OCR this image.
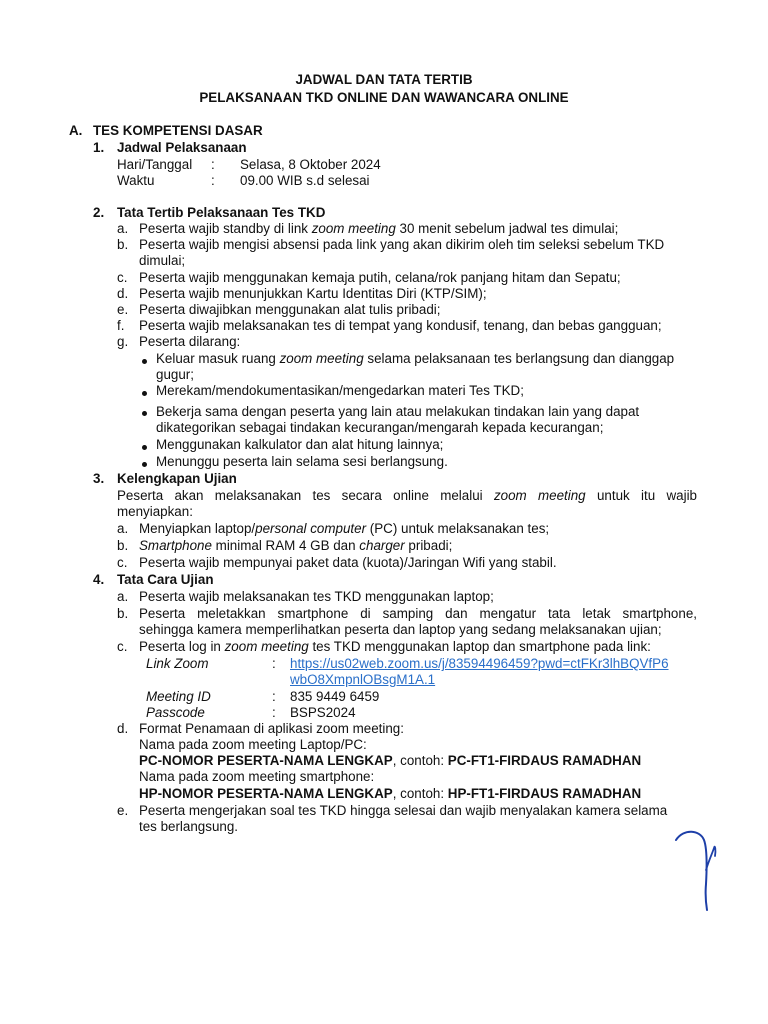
JADWAL DAN TATA TERTIB
PELAKSANAAN TKD ONLINE DAN WAWANCARA ONLINE
A. TES KOMPETENSI DASAR
1. Jadwal Pelaksanaan
Hari/Tanggal : Selasa, 8 Oktober 2024
Waktu	: 09.00 WIB s.d selesai
2. Tata Tertib Pelaksanaan Tes TKD
a. Peserta wajib standby di link zoom meeting 30 menit sebelum jadwal tes dimulai;
b. Peserta wajib mengisi absensi pada link yang akan dikirim oleh tim seleksi sebelum TKD
dimulai;
c. Peserta wajib menggunakan kemaja putih, celana/rok panjang hitam dan Sepatu;
d. Peserta wajib menunjukkan Kartu Identitas Diri (KTP/SIM);
e. Peserta diwajibkan menggunakan alat tulis pribadi;
f. Peserta wajib melaksanakan tes di tempat yang kondusif, tenang, dan bebas gangguan;
g. Peserta dilarang:
Keluar masuk ruang zoom meeting selama pelaksanaan tes berlangsung dan dianggap
gugur;
Merekam/mendokumentasikan/mengedarkan materi Tes TKD;
Bekerja sama dengan peserta yang lain atau melakukan tindakan lain yang dapat
dikategorikan sebagai tindakan kecurangan/mengarah kepada kecurangan;
Menggunakan kalkulator dan alat hitung lainnya;
Menunggu peserta lain selama sesi berlangsung.
3. Kelengkapan Ujian
Peserta akan melaksanakan tes secara online melalui zoom meeting untuk itu wajib
menyiapkan:
a. Menyiapkan laptop/personal computer (PC) untuk melaksanakan tes;
b. Smartphone minimal RAM 4 GB dan charger pribadi;
c. Peserta wajib mempunyai paket data (kuota)/Jaringan Wifi yang stabil.
4. Tata Cara Ujian
a. Peserta wajib melaksanakan tes TKD menggunakan laptop;
b. Peserta meletakkan smartphone di samping dan mengatur tata letak smartphone,
sehingga kamera memperlihatkan peserta dan laptop yang sedang melaksanakan ujian;
c. Peserta log in zoom meeting tes TKD menggunakan laptop dan smartphone pada link:
Link Zoom	: https://us02web.zoom.us/j/83594496459?pwd=ctFKr3lhBQVfP6
wbO8XmpnlOBsgM1A.1
Meeting ID	: 835 9449 6459
Passcode	: BSPS2024
d. Format Penamaan di aplikasi zoom meeting:
Nama pada zoom meeting Laptop/PC:
PC-NOMOR PESERTA-NAMA LENGKAP, contoh: PC-FT1-FIRDAUS RAMADHAN
Nama pada zoom meeting smartphone:
HP-NOMOR PESERTA-NAMA LENGKAP, contoh: HP-FT1-FIRDAUS RAMADHAN
e. Peserta mengerjakan soal tes TKD hingga selesai dan wajib menyalakan kamera selama
tes berlangsung.
